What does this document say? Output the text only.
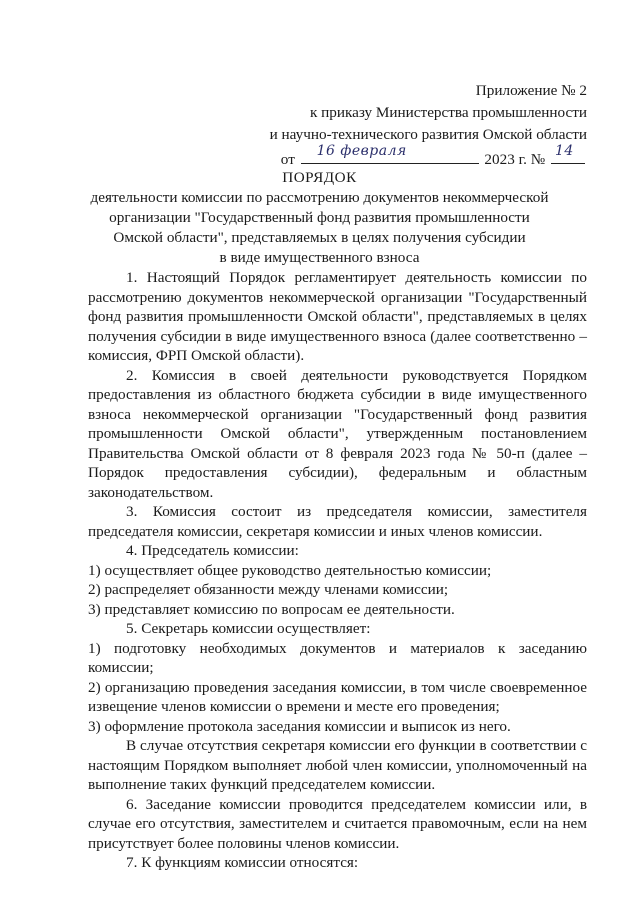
Приложение № 2
к приказу Министерства промышленности
и научно-технического развития Омской области
от 16 февраля	2023 г. № 14
ПОРЯДОК
деятельности комиссии по рассмотрению документов некоммерческой
организации "Государственный фонд развития промышленности
Омской области", представляемых в целях получения субсидии
в виде имущественного взноса

1. Настоящий Порядок регламентирует деятельность комиссии по рассмотрению документов некоммерческой организации "Государственный фонд развития промышленности Омской области", представляемых в целях получения субсидии в виде имущественного взноса (далее соответственно – комиссия, ФРП Омской области).

2. Комиссия в своей деятельности руководствуется Порядком предоставления из областного бюджета субсидии в виде имущественного взноса некоммерческой организации "Государственный фонд развития промышленности Омской области", утвержденным постановлением Правительства Омской области от 8 февраля 2023 года № 50-п (далее – Порядок предоставления субсидии), федеральным и областным законодательством.

3. Комиссия состоит из председателя комиссии, заместителя председателя комиссии, секретаря комиссии и иных членов комиссии.

4. Председатель комиссии:

1) осуществляет общее руководство деятельностью комиссии;

2) распределяет обязанности между членами комиссии;

3) представляет комиссию по вопросам ее деятельности.

5. Секретарь комиссии осуществляет:

1) подготовку необходимых документов и материалов к заседанию комиссии;

2) организацию проведения заседания комиссии, в том числе своевременное извещение членов комиссии о времени и месте его проведения;

3) оформление протокола заседания комиссии и выписок из него.

В случае отсутствия секретаря комиссии его функции в соответствии с настоящим Порядком выполняет любой член комиссии, уполномоченный на выполнение таких функций председателем комиссии.

6. Заседание комиссии проводится председателем комиссии или, в случае его отсутствия, заместителем и считается правомочным, если на нем присутствует более половины членов комиссии.

7. К функциям комиссии относятся:
